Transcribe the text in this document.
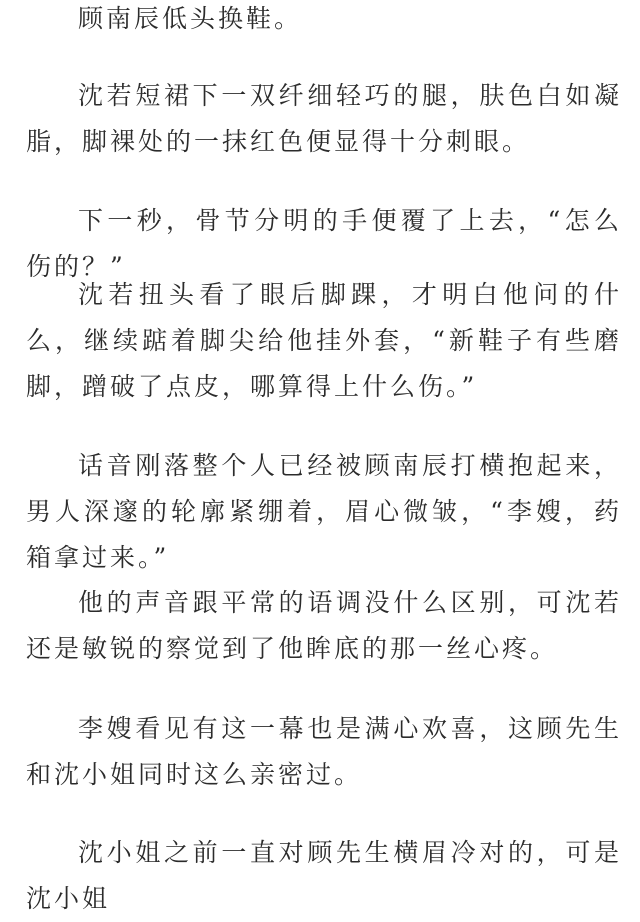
顾南辰低头换鞋。

沈若短裙下一双纤细轻巧的腿，肤色白如凝脂，脚裸处的一抹红色便显得十分刺眼。

下一秒，骨节分明的手便覆了上去，“怎么伤的？”

沈若扭头看了眼后脚踝，才明白他问的什么，继续踮着脚尖给他挂外套，“新鞋子有些磨脚，蹭破了点皮，哪算得上什么伤。”

话音刚落整个人已经被顾南辰打横抱起来，男人深邃的轮廓紧绷着，眉心微皱，“李嫂，药箱拿过来。”

他的声音跟平常的语调没什么区别，可沈若还是敏锐的察觉到了他眸底的那一丝心疼。

李嫂看见有这一幕也是满心欢喜，这顾先生和沈小姐同时这么亲密过。

沈小姐之前一直对顾先生横眉冷对的，可是沈小姐
